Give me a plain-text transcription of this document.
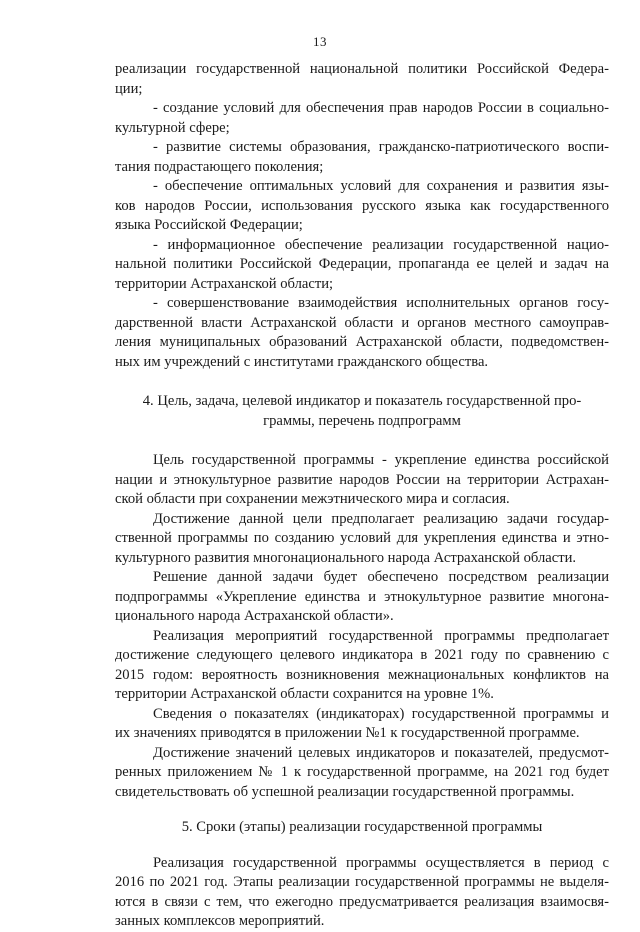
13
реализации государственной национальной политики Российской Федера-
ции;
- создание условий для обеспечения прав народов России в социально-
культурной сфере;
- развитие системы образования, гражданско-патриотического воспи-
тания подрастающего поколения;
- обеспечение оптимальных условий для сохранения и развития язы-
ков народов России, использования русского языка как государственного
языка Российской Федерации;
- информационное обеспечение реализации государственной нацио-
нальной политики Российской Федерации, пропаганда ее целей и задач на
территории Астраханской области;
- совершенствование взаимодействия исполнительных органов госу-
дарственной власти Астраханской области и органов местного самоупрaв-
ления муниципальных образований Астраханской области, подведомствен-
ных им учреждений с институтами гражданского общества.
4. Цель, задача, целевой индикатор и показатель государственной про-
граммы, перечень подпрограмм
Цель государственной программы - укрепление единства российской
нации и этнокультурное развитие народов России на территории Астрахан-
ской области при сохранении межэтнического мира и согласия.
Достижение данной цели предполагает реализацию задачи государ-
ственной программы по созданию условий для укрепления единства и этно-
культурного развития многонационального народа Астраханской области.
Решение данной задачи будет обеспечено посредством реализации
подпрограммы «Укрепление единства и этнокультурное развитие многона-
ционального народа Астраханской области».
Реализация мероприятий государственной программы предполагает
достижение следующего целевого индикатора в 2021 году по сравнению с
2015 годом: вероятность возникновения межнациональных конфликтов на
территории Астраханской области сохранится на уровне 1%.
Сведения о показателях (индикаторах) государственной программы и
их значениях приводятся в приложении №1 к государственной программе.
Достижение значений целевых индикаторов и показателей, предусмот-
ренных приложением № 1 к государственной программе, на 2021 год будет
свидетельствовать об успешной реализации государственной программы.
5. Сроки (этапы) реализации государственной программы
Реализация государственной программы осуществляется в период с
2016 по 2021 год. Этапы реализации государственной программы не выделя-
ются в связи с тем, что ежегодно предусматривается реализация взаимосвя-
занных комплексов мероприятий.
